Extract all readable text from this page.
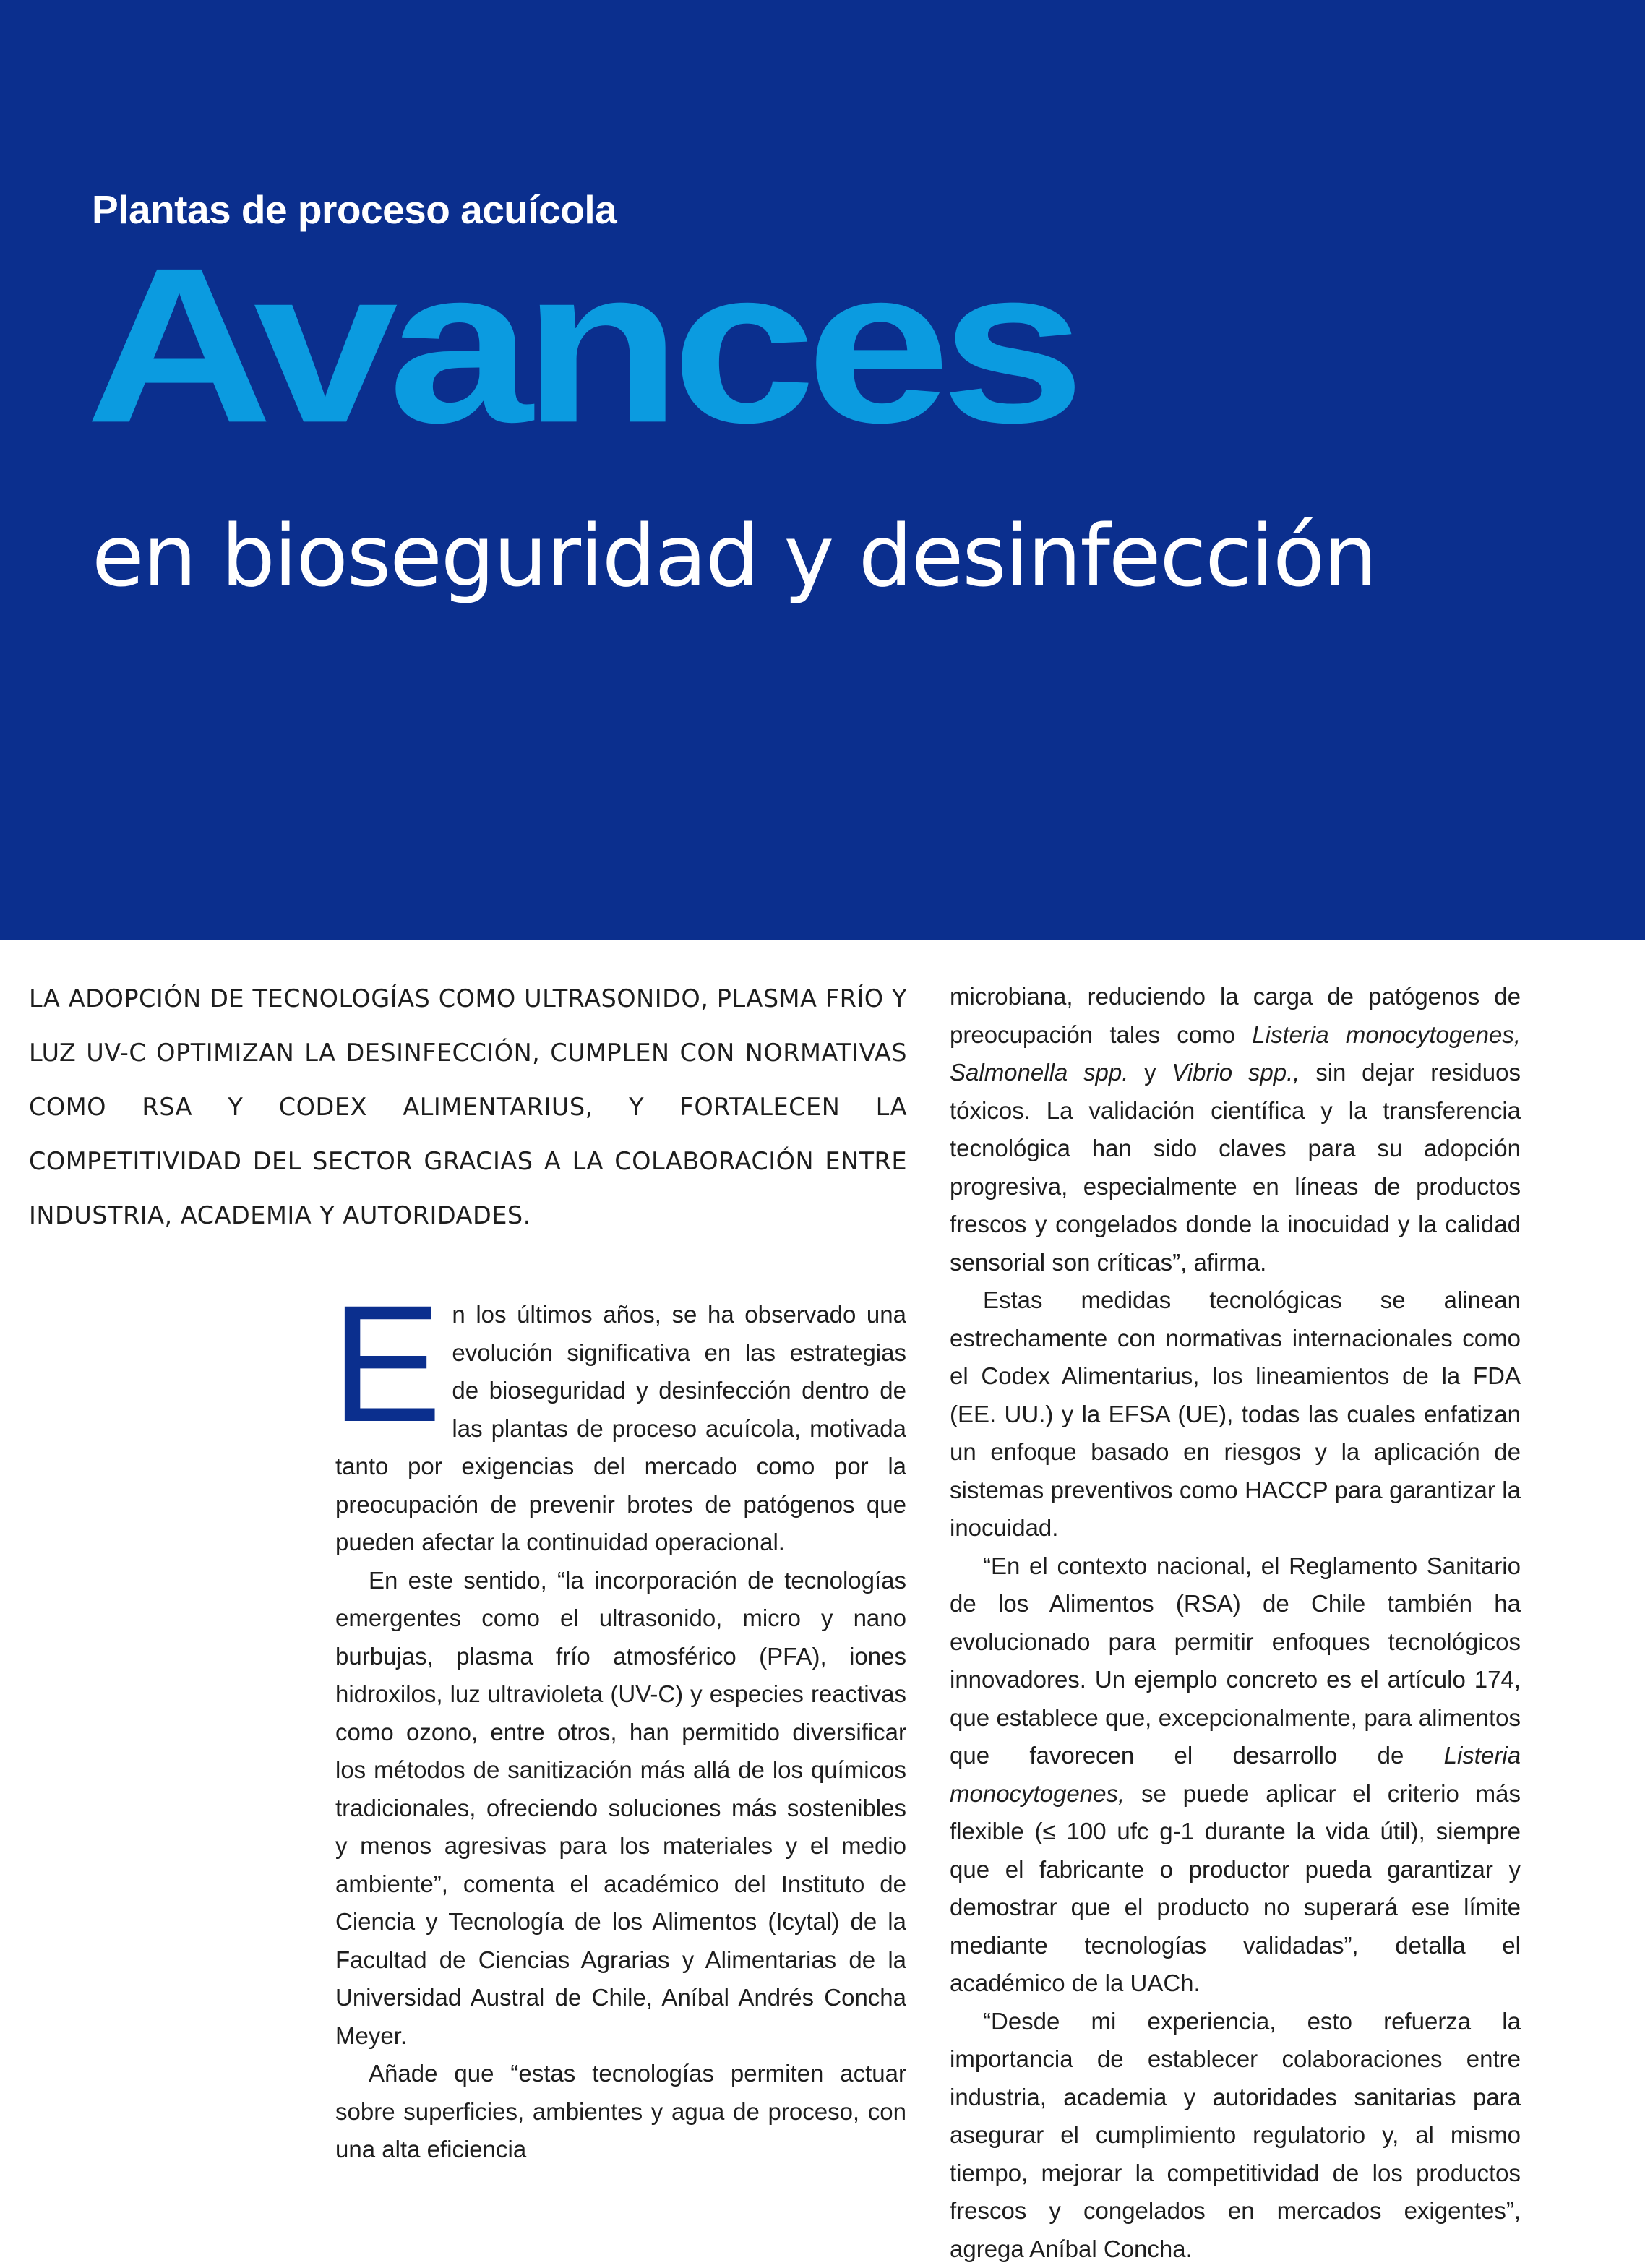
Plantas de proceso acuícola
Avances
en bioseguridad y desinfección

LA ADOPCIÓN DE TECNOLOGÍAS COMO ULTRASONIDO, PLASMA FRÍO Y LUZ UV-C OPTIMIZAN LA DESINFECCIÓN, CUMPLEN CON NORMATIVAS COMO RSA Y CODEX ALIMENTARIUS, Y FORTALECEN LA COMPETITIVIDAD DEL SECTOR GRACIAS A LA COLABORACIÓN ENTRE INDUSTRIA, ACADEMIA Y AUTORIDADES.

En los últimos años, se ha observado una evolución significativa en las estrategias de bioseguridad y desinfección dentro de las plantas de proceso acuícola, motivada tanto por exigencias del mercado como por la preocupación de prevenir brotes de patógenos que pueden afectar la continuidad operacional.

En este sentido, “la incorporación de tecnologías emergentes como el ultrasonido, micro y nano burbujas, plasma frío atmosférico (PFA), iones hidroxilos, luz ultravioleta (UV-C) y especies reactivas como ozono, entre otros, han permitido diversificar los métodos de sanitización más allá de los químicos tradicionales, ofreciendo soluciones más sostenibles y menos agresivas para los materiales y el medio ambiente”, comenta el académico del Instituto de Ciencia y Tecnología de los Alimentos (Icytal) de la Facultad de Ciencias Agrarias y Alimentarias de la Universidad Austral de Chile, Aníbal Andrés Concha Meyer.

Añade que “estas tecnologías permiten actuar sobre superficies, ambientes y agua de proceso, con una alta eficiencia

microbiana, reduciendo la carga de patógenos de preocupación tales como Listeria monocytogenes, Salmonella spp. y Vibrio spp., sin dejar residuos tóxicos. La validación científica y la transferencia tecnológica han sido claves para su adopción progresiva, especialmente en líneas de productos frescos y congelados donde la inocuidad y la calidad sensorial son críticas”, afirma.

Estas medidas tecnológicas se alinean estrechamente con normativas internacionales como el Codex Alimentarius, los lineamientos de la FDA (EE. UU.) y la EFSA (UE), todas las cuales enfatizan un enfoque basado en riesgos y la aplicación de sistemas preventivos como HACCP para garantizar la inocuidad.

“En el contexto nacional, el Reglamento Sanitario de los Alimentos (RSA) de Chile también ha evolucionado para permitir enfoques tecnológicos innovadores. Un ejemplo concreto es el artículo 174, que establece que, excepcionalmente, para alimentos que favorecen el desarrollo de Listeria monocytogenes, se puede aplicar el criterio más flexible (≤ 100 ufc g-1 durante la vida útil), siempre que el fabricante o productor pueda garantizar y demostrar que el producto no superará ese límite mediante tecnologías validadas”, detalla el académico de la UACh.

“Desde mi experiencia, esto refuerza la importancia de establecer colaboraciones entre industria, academia y autoridades sanitarias para asegurar el cumplimiento regulatorio y, al mismo tiempo, mejorar la competitividad de los productos frescos y congelados en mercados exigentes”, agrega Aníbal Concha.
